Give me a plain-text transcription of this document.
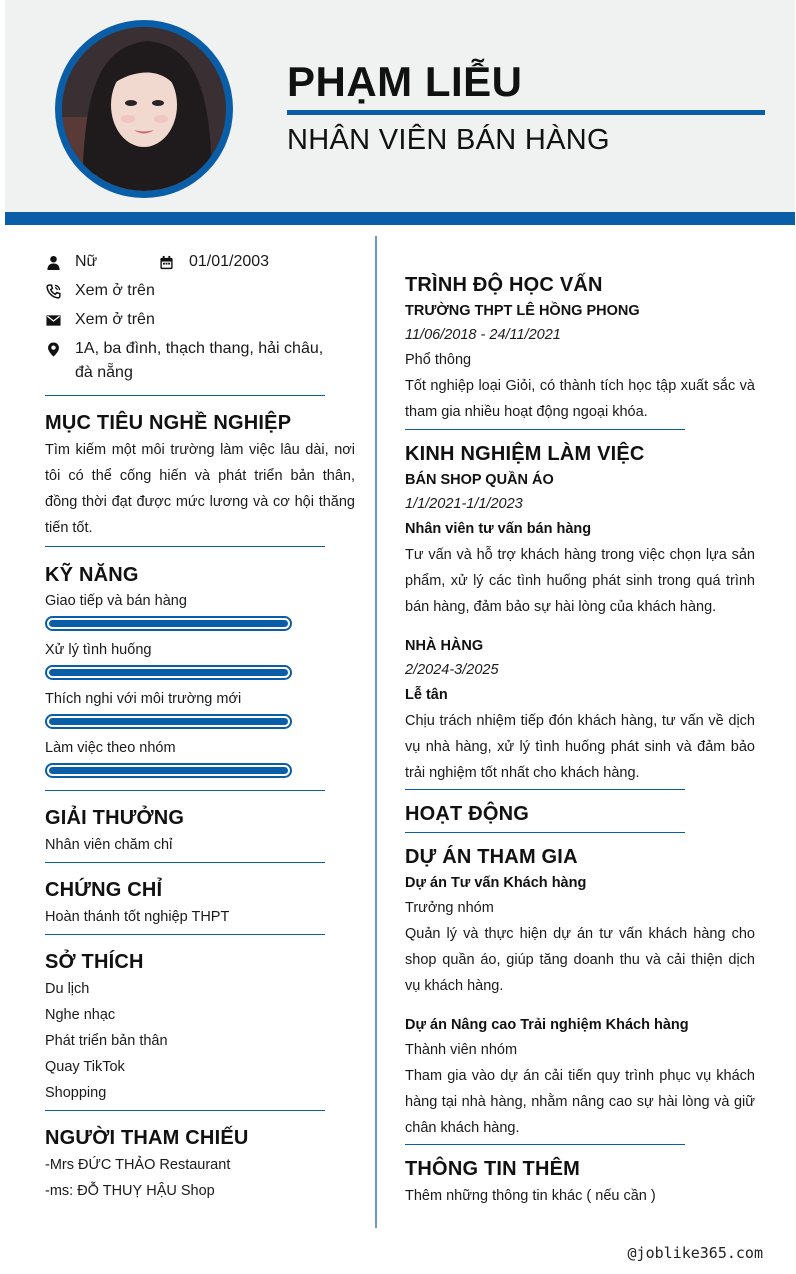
PHẠM LIỄU
NHÂN VIÊN BÁN HÀNG
Nữ	01/01/2003
Xem ở trên
Xem ở trên
1A, ba đình, thạch thang, hải châu, đà nẵng
MỤC TIÊU NGHỀ NGHIỆP

Tìm kiếm một môi trường làm việc lâu dài, nơi tôi có thể cống hiến và phát triển bản thân, đồng thời đạt được mức lương và cơ hội thăng tiến tốt.

KỸ NĂNG
Giao tiếp và bán hàng
Xử lý tình huống
Thích nghi với môi trường mới
Làm việc theo nhóm
GIẢI THƯỞNG
Nhân viên chăm chỉ
CHỨNG CHỈ
Hoàn thánh tốt nghiệp THPT
SỞ THÍCH
Du lịch
Nghe nhạc
Phát triển bản thân
Quay TikTok
Shopping
NGƯỜI THAM CHIẾU
-Mrs ĐỨC THẢO Restaurant
-ms: ĐỖ THUỴ HẬU Shop
TRÌNH ĐỘ HỌC VẤN
TRƯỜNG THPT LÊ HỒNG PHONG
11/06/2018 - 24/11/2021
Phổ thông

Tốt nghiệp loại Giỏi, có thành tích học tập xuất sắc và tham gia nhiều hoạt động ngoại khóa.

KINH NGHIỆM LÀM VIỆC
BÁN SHOP QUẦN ÁO
1/1/2021-1/1/2023
Nhân viên tư vấn bán hàng

Tư vấn và hỗ trợ khách hàng trong việc chọn lựa sản phẩm, xử lý các tình huống phát sinh trong quá trình bán hàng, đảm bảo sự hài lòng của khách hàng.

NHÀ HÀNG
2/2024-3/2025
Lễ tân

Chịu trách nhiệm tiếp đón khách hàng, tư vấn về dịch vụ nhà hàng, xử lý tình huống phát sinh và đảm bảo trải nghiệm tốt nhất cho khách hàng.

HOẠT ĐỘNG
DỰ ÁN THAM GIA
Dự án Tư vấn Khách hàng
Trưởng nhóm

Quản lý và thực hiện dự án tư vấn khách hàng cho shop quần áo, giúp tăng doanh thu và cải thiện dịch vụ khách hàng.

Dự án Nâng cao Trải nghiệm Khách hàng
Thành viên nhóm

Tham gia vào dự án cải tiến quy trình phục vụ khách hàng tại nhà hàng, nhằm nâng cao sự hài lòng và giữ chân khách hàng.

THÔNG TIN THÊM
Thêm những thông tin khác ( nếu cần )
@joblike365.com
